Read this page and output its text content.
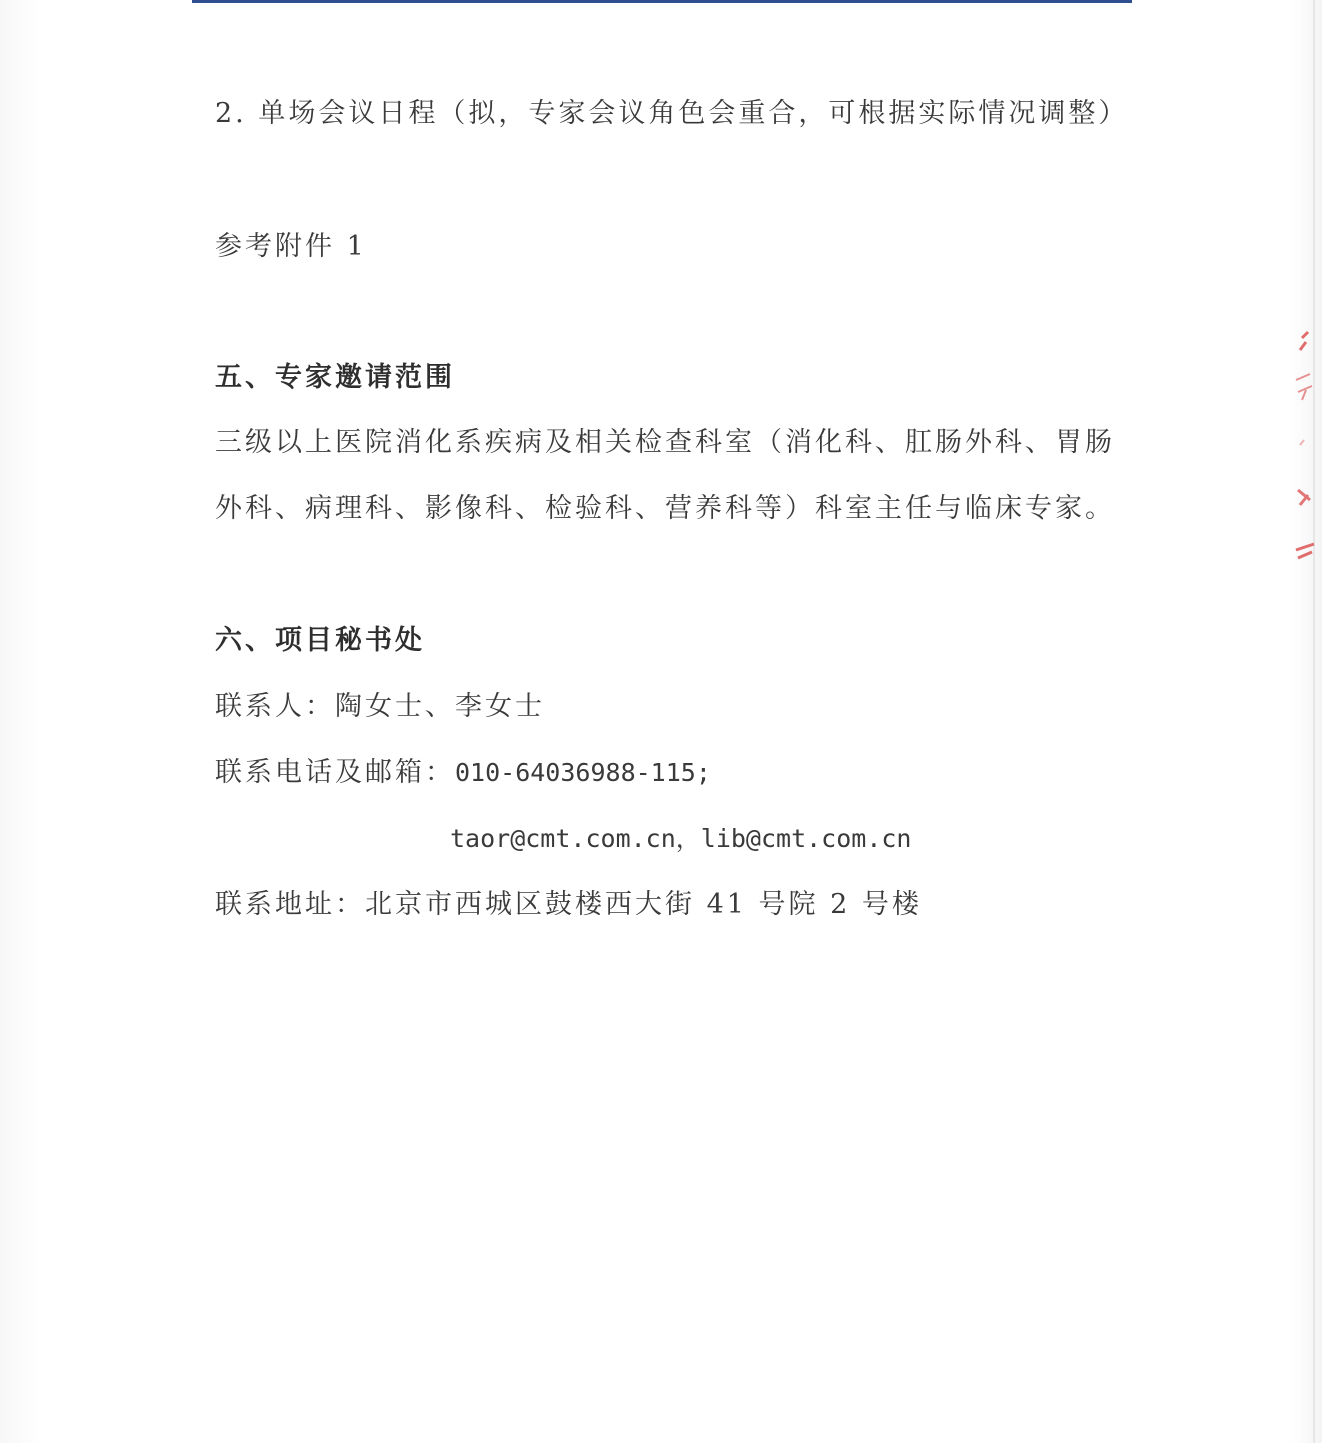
2. 单场会议日程（拟，专家会议角色会重合，可根据实际情况调整）
参考附件 1
五、专家邀请范围
三级以上医院消化系疾病及相关检查科室（消化科、肛肠外科、胃肠
外科、病理科、影像科、检验科、营养科等）科室主任与临床专家。
六、项目秘书处
联系人：陶女士、李女士
联系电话及邮箱：010-64036988-115;
taor@cmt.com.cn，lib@cmt.com.cn
联系地址：北京市西城区鼓楼西大街 41 号院 2 号楼
